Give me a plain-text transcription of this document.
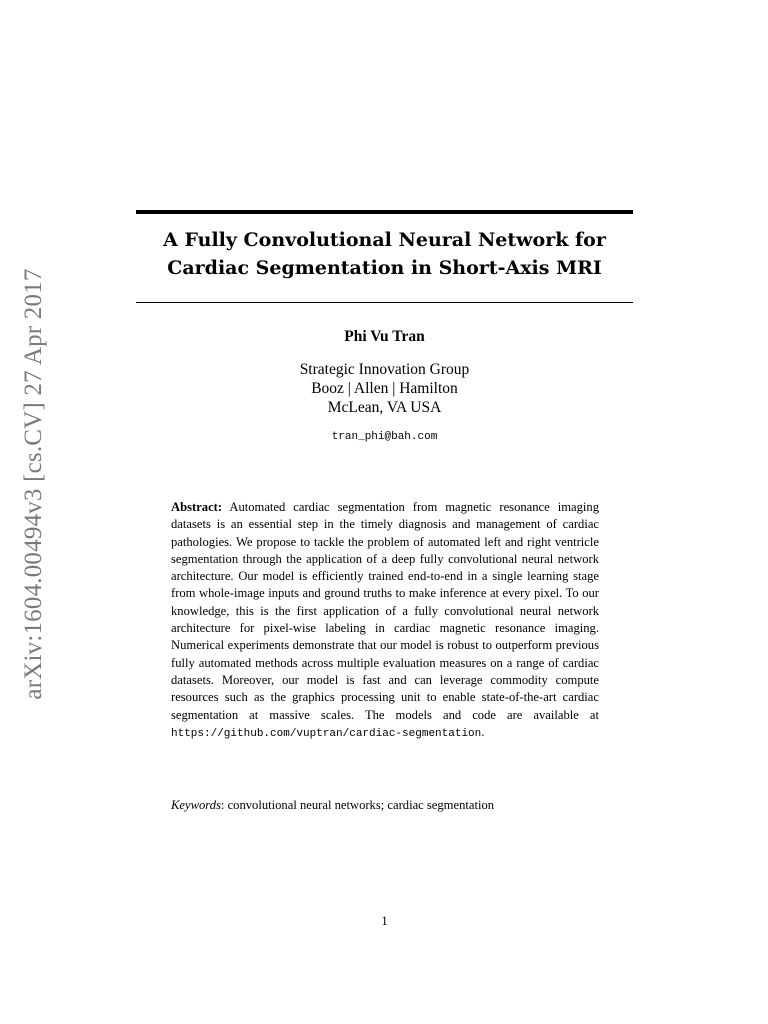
arXiv:1604.00494v3 [cs.CV] 27 Apr 2017
A Fully Convolutional Neural Network for
Cardiac Segmentation in Short-Axis MRI
Phi Vu Tran
Strategic Innovation Group
Booz | Allen | Hamilton
McLean, VA USA
tran_phi@bah.com
Abstract: Automated cardiac segmentation from magnetic resonance imaging datasets is an essential step in the timely diagnosis and management of cardiac pathologies. We propose to tackle the problem of automated left and right ventricle segmentation through the application of a deep fully convolutional neural network architecture. Our model is efficiently trained end-to-end in a single learning stage from whole-image inputs and ground truths to make inference at every pixel. To our knowledge, this is the first application of a fully convolutional neural network architecture for pixel-wise labeling in cardiac magnetic resonance imaging. Numerical experiments demonstrate that our model is robust to outperform previous fully automated methods across multiple evaluation measures on a range of cardiac datasets. Moreover, our model is fast and can leverage commodity compute resources such as the graphics processing unit to enable state-of-the-art cardiac segmentation at massive scales. The models and code are available at https://github.com/vuptran/cardiac-segmentation.
Keywords: convolutional neural networks; cardiac segmentation
1
